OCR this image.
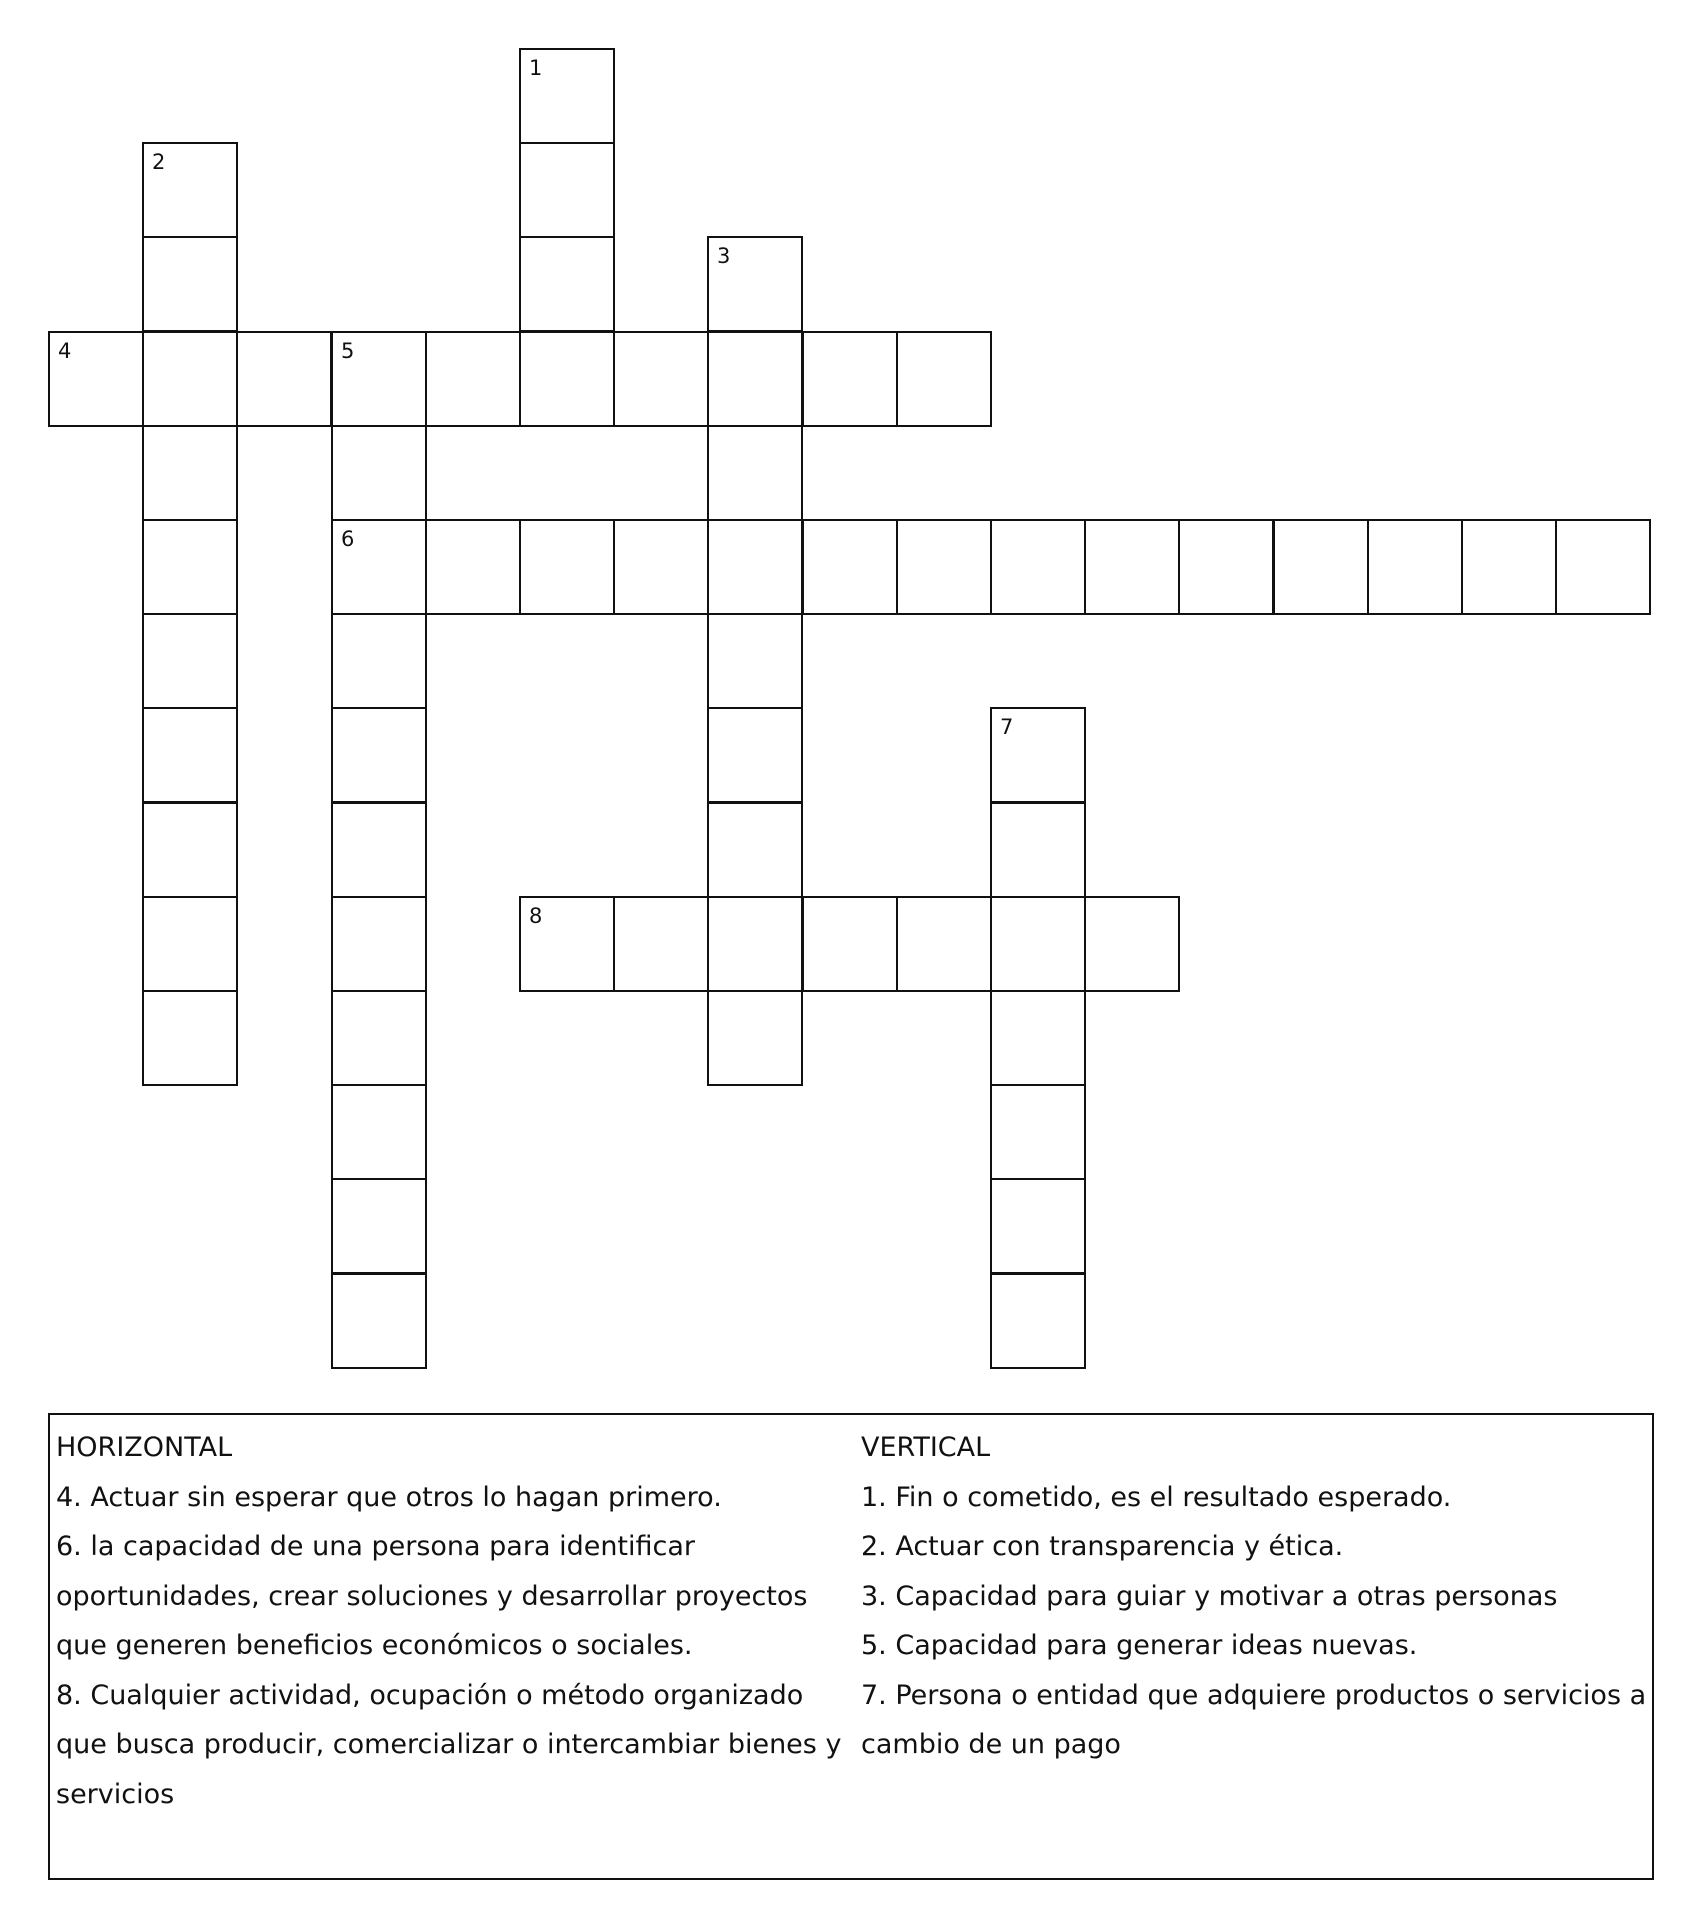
1
2
3
4	5
6
7
8
HORIZONTAL
4. Actuar sin esperar que otros lo hagan primero.
6. la capacidad de una persona para identificar
oportunidades, crear soluciones y desarrollar proyectos
que generen beneficios económicos o sociales.
8. Cualquier actividad, ocupación o método organizado
que busca producir, comercializar o intercambiar bienes y
servicios
VERTICAL
1. Fin o cometido, es el resultado esperado.
2. Actuar con transparencia y ética.
3. Capacidad para guiar y motivar a otras personas
5. Capacidad para generar ideas nuevas.
7. Persona o entidad que adquiere productos o servicios a
cambio de un pago
